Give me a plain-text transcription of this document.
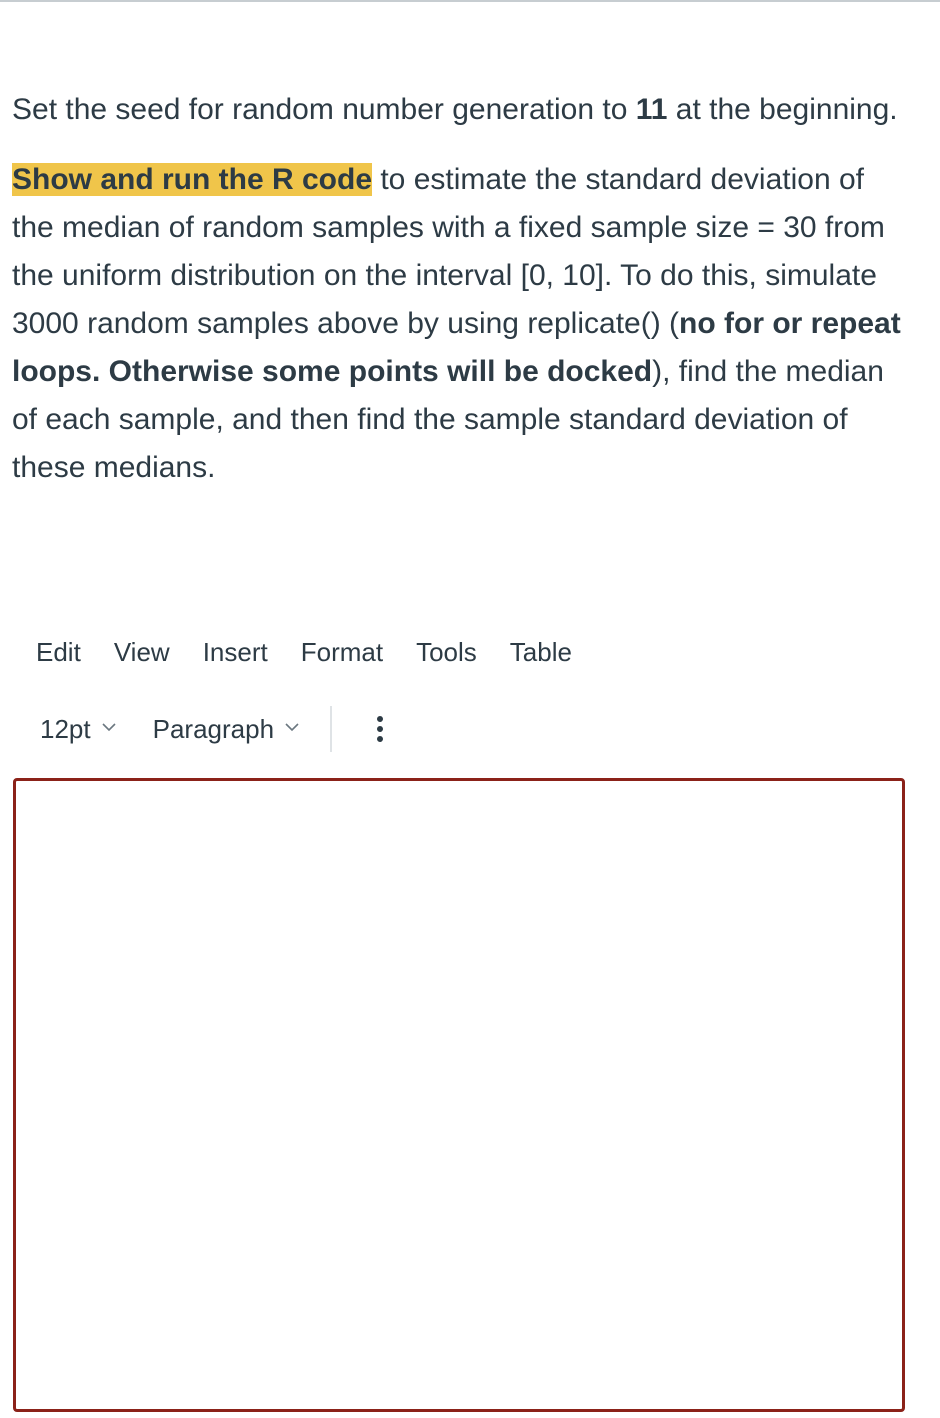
Set the seed for random number generation to 11 at the beginning.

Show and run the R code to estimate the standard deviation of the median of random samples with a fixed sample size = 30 from the uniform distribution on the interval [0, 10]. To do this, simulate 3000 random samples above by using replicate() (no for or repeat loops. Otherwise some points will be docked), find the median of each sample, and then find the sample standard deviation of these medians.

Edit View Insert Format Tools Table
12pt Paragraph
